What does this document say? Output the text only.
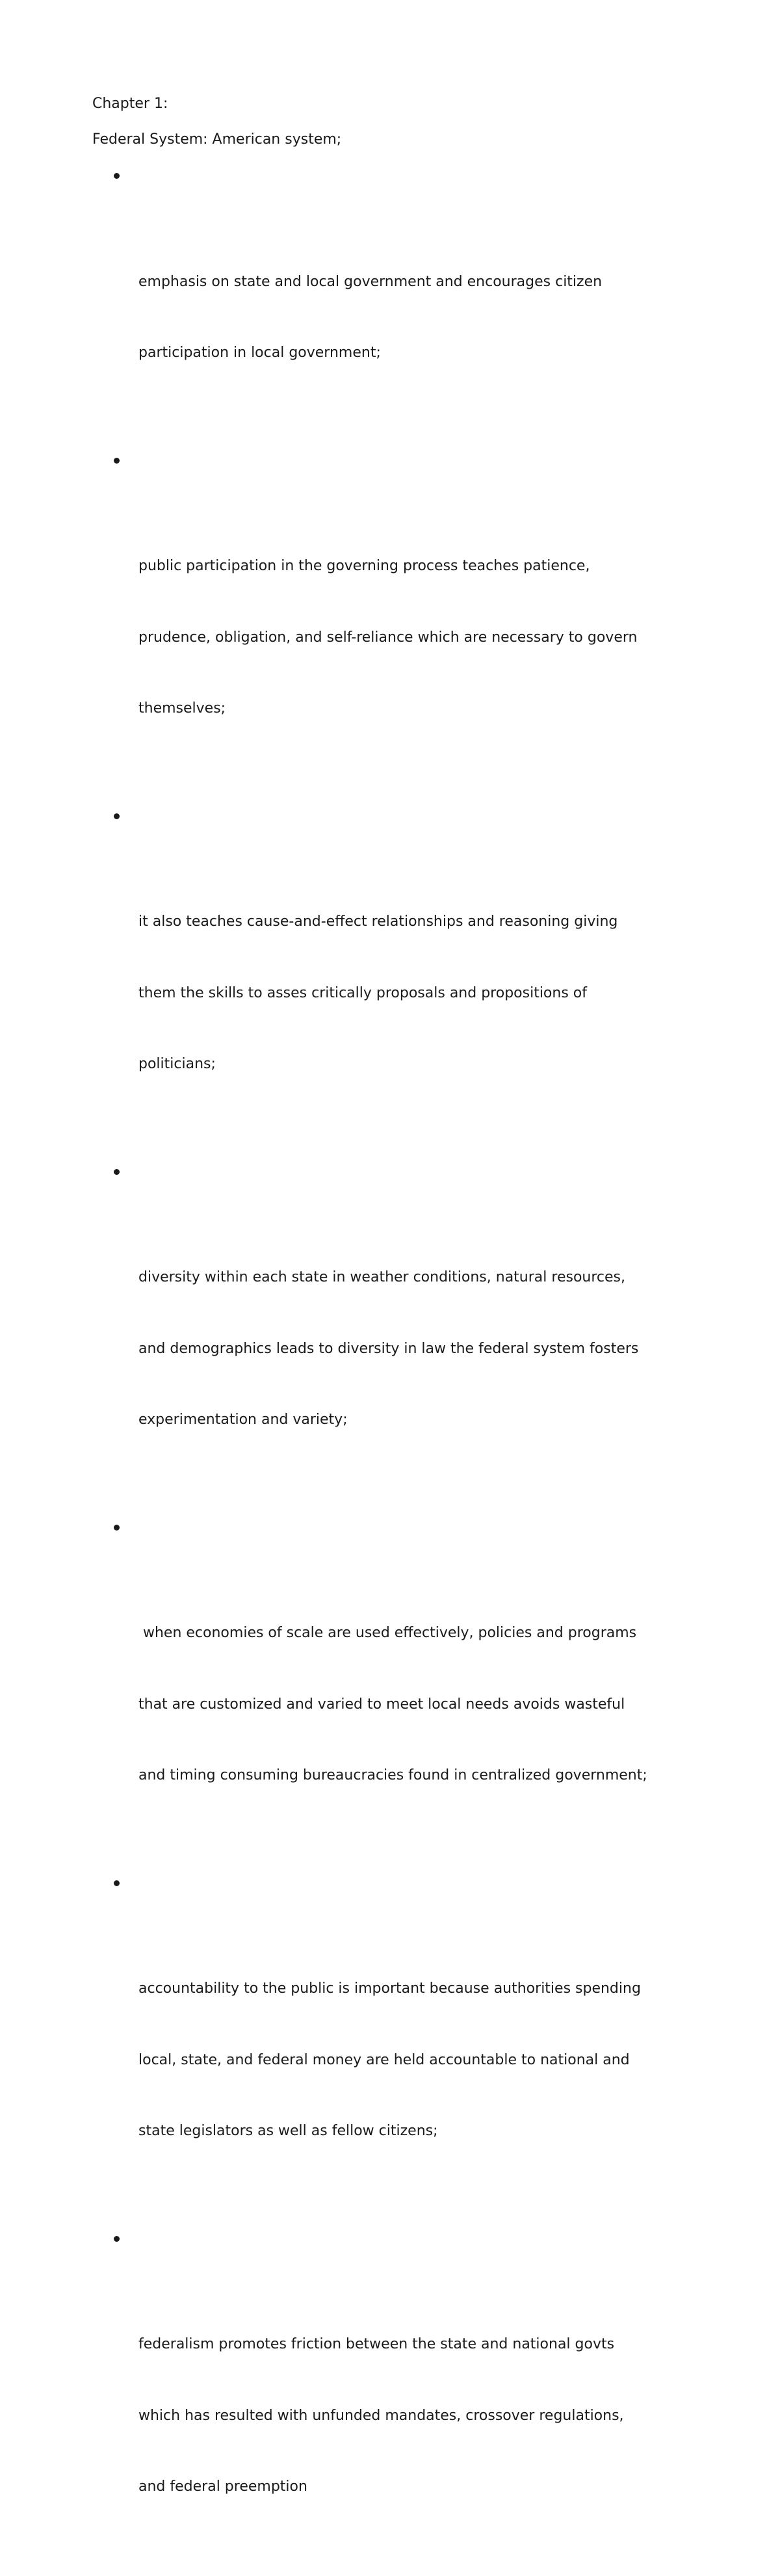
Chapter 1:

Federal System: American system;

emphasis on state and local government and encourages citizen

participation in local government;

public participation in the governing process teaches patience,

prudence, obligation, and self-reliance which are necessary to govern

themselves;

it also teaches cause-and-effect relationships and reasoning giving

them the skills to asses critically proposals and propositions of

politicians;

diversity within each state in weather conditions, natural resources,

and demographics leads to diversity in law the federal system fosters

experimentation and variety;

when economies of scale are used effectively, policies and programs

that are customized and varied to meet local needs avoids wasteful

and timing consuming bureaucracies found in centralized government;

accountability to the public is important because authorities spending

local, state, and federal money are held accountable to national and

state legislators as well as fellow citizens;

federalism promotes friction between the state and national govts

which has resulted with unfunded mandates, crossover regulations,

and federal preemption
